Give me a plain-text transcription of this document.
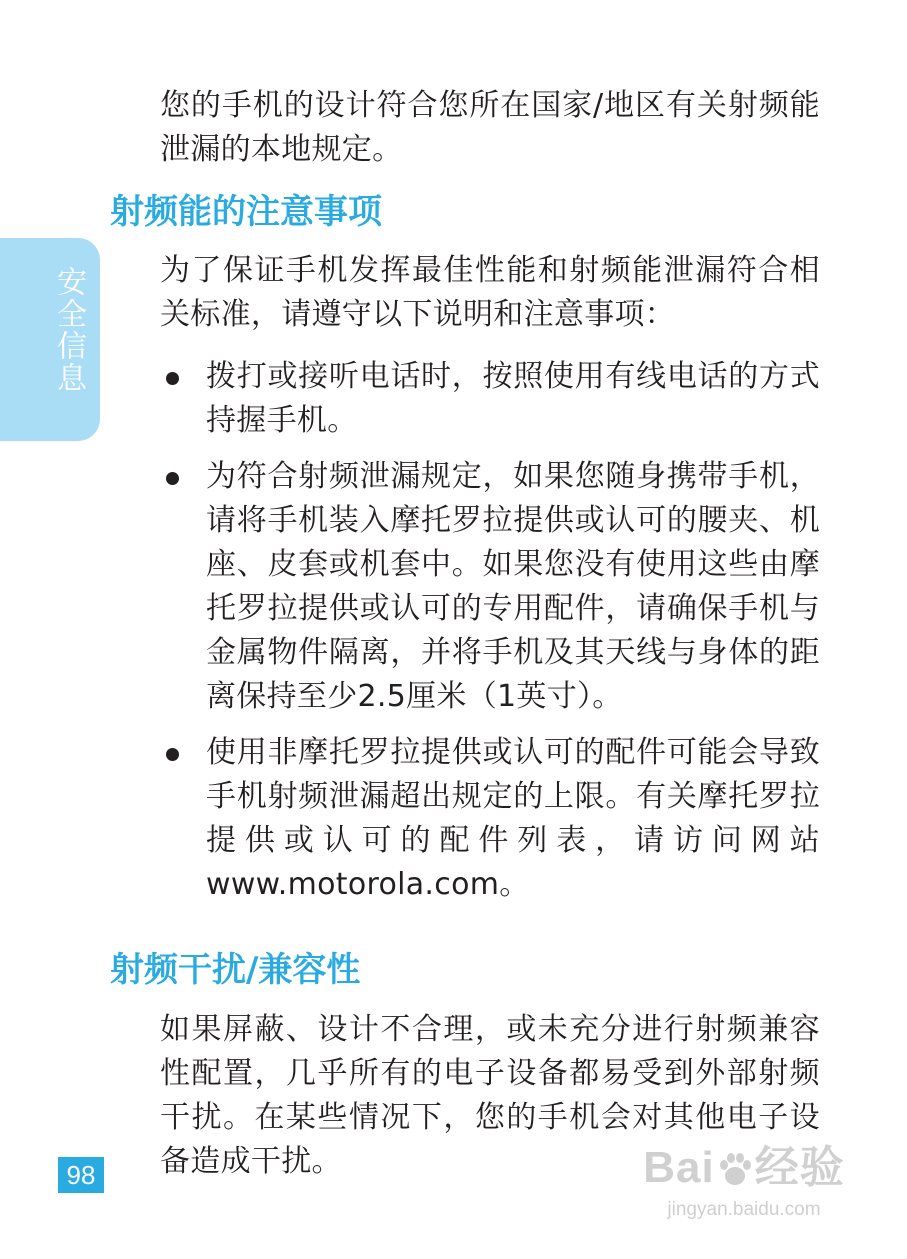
您的手机的设计符合您所在国家/地区有关射频能泄漏的本地规定。
射频能的注意事项
为了保证手机发挥最佳性能和射频能泄漏符合相关标准，请遵守以下说明和注意事项：
拨打或接听电话时，按照使用有线电话的方式持握手机。
为符合射频泄漏规定，如果您随身携带手机，请将手机装入摩托罗拉提供或认可的腰夹、机座、皮套或机套中。如果您没有使用这些由摩托罗拉提供或认可的专用配件，请确保手机与金属物件隔离，并将手机及其天线与身体的距离保持至少2.5厘米（1英寸）。
使用非摩托罗拉提供或认可的配件可能会导致手机射频泄漏超出规定的上限。有关摩托罗拉提供或认可的配件列表，请访问网站www.motorola.com。
射频干扰/兼容性
如果屏蔽、设计不合理，或未充分进行射频兼容性配置，几乎所有的电子设备都易受到外部射频干扰。在某些情况下，您的手机会对其他电子设备造成干扰。
安全信息
98	Bai 经验
jingyan.baidu.com
